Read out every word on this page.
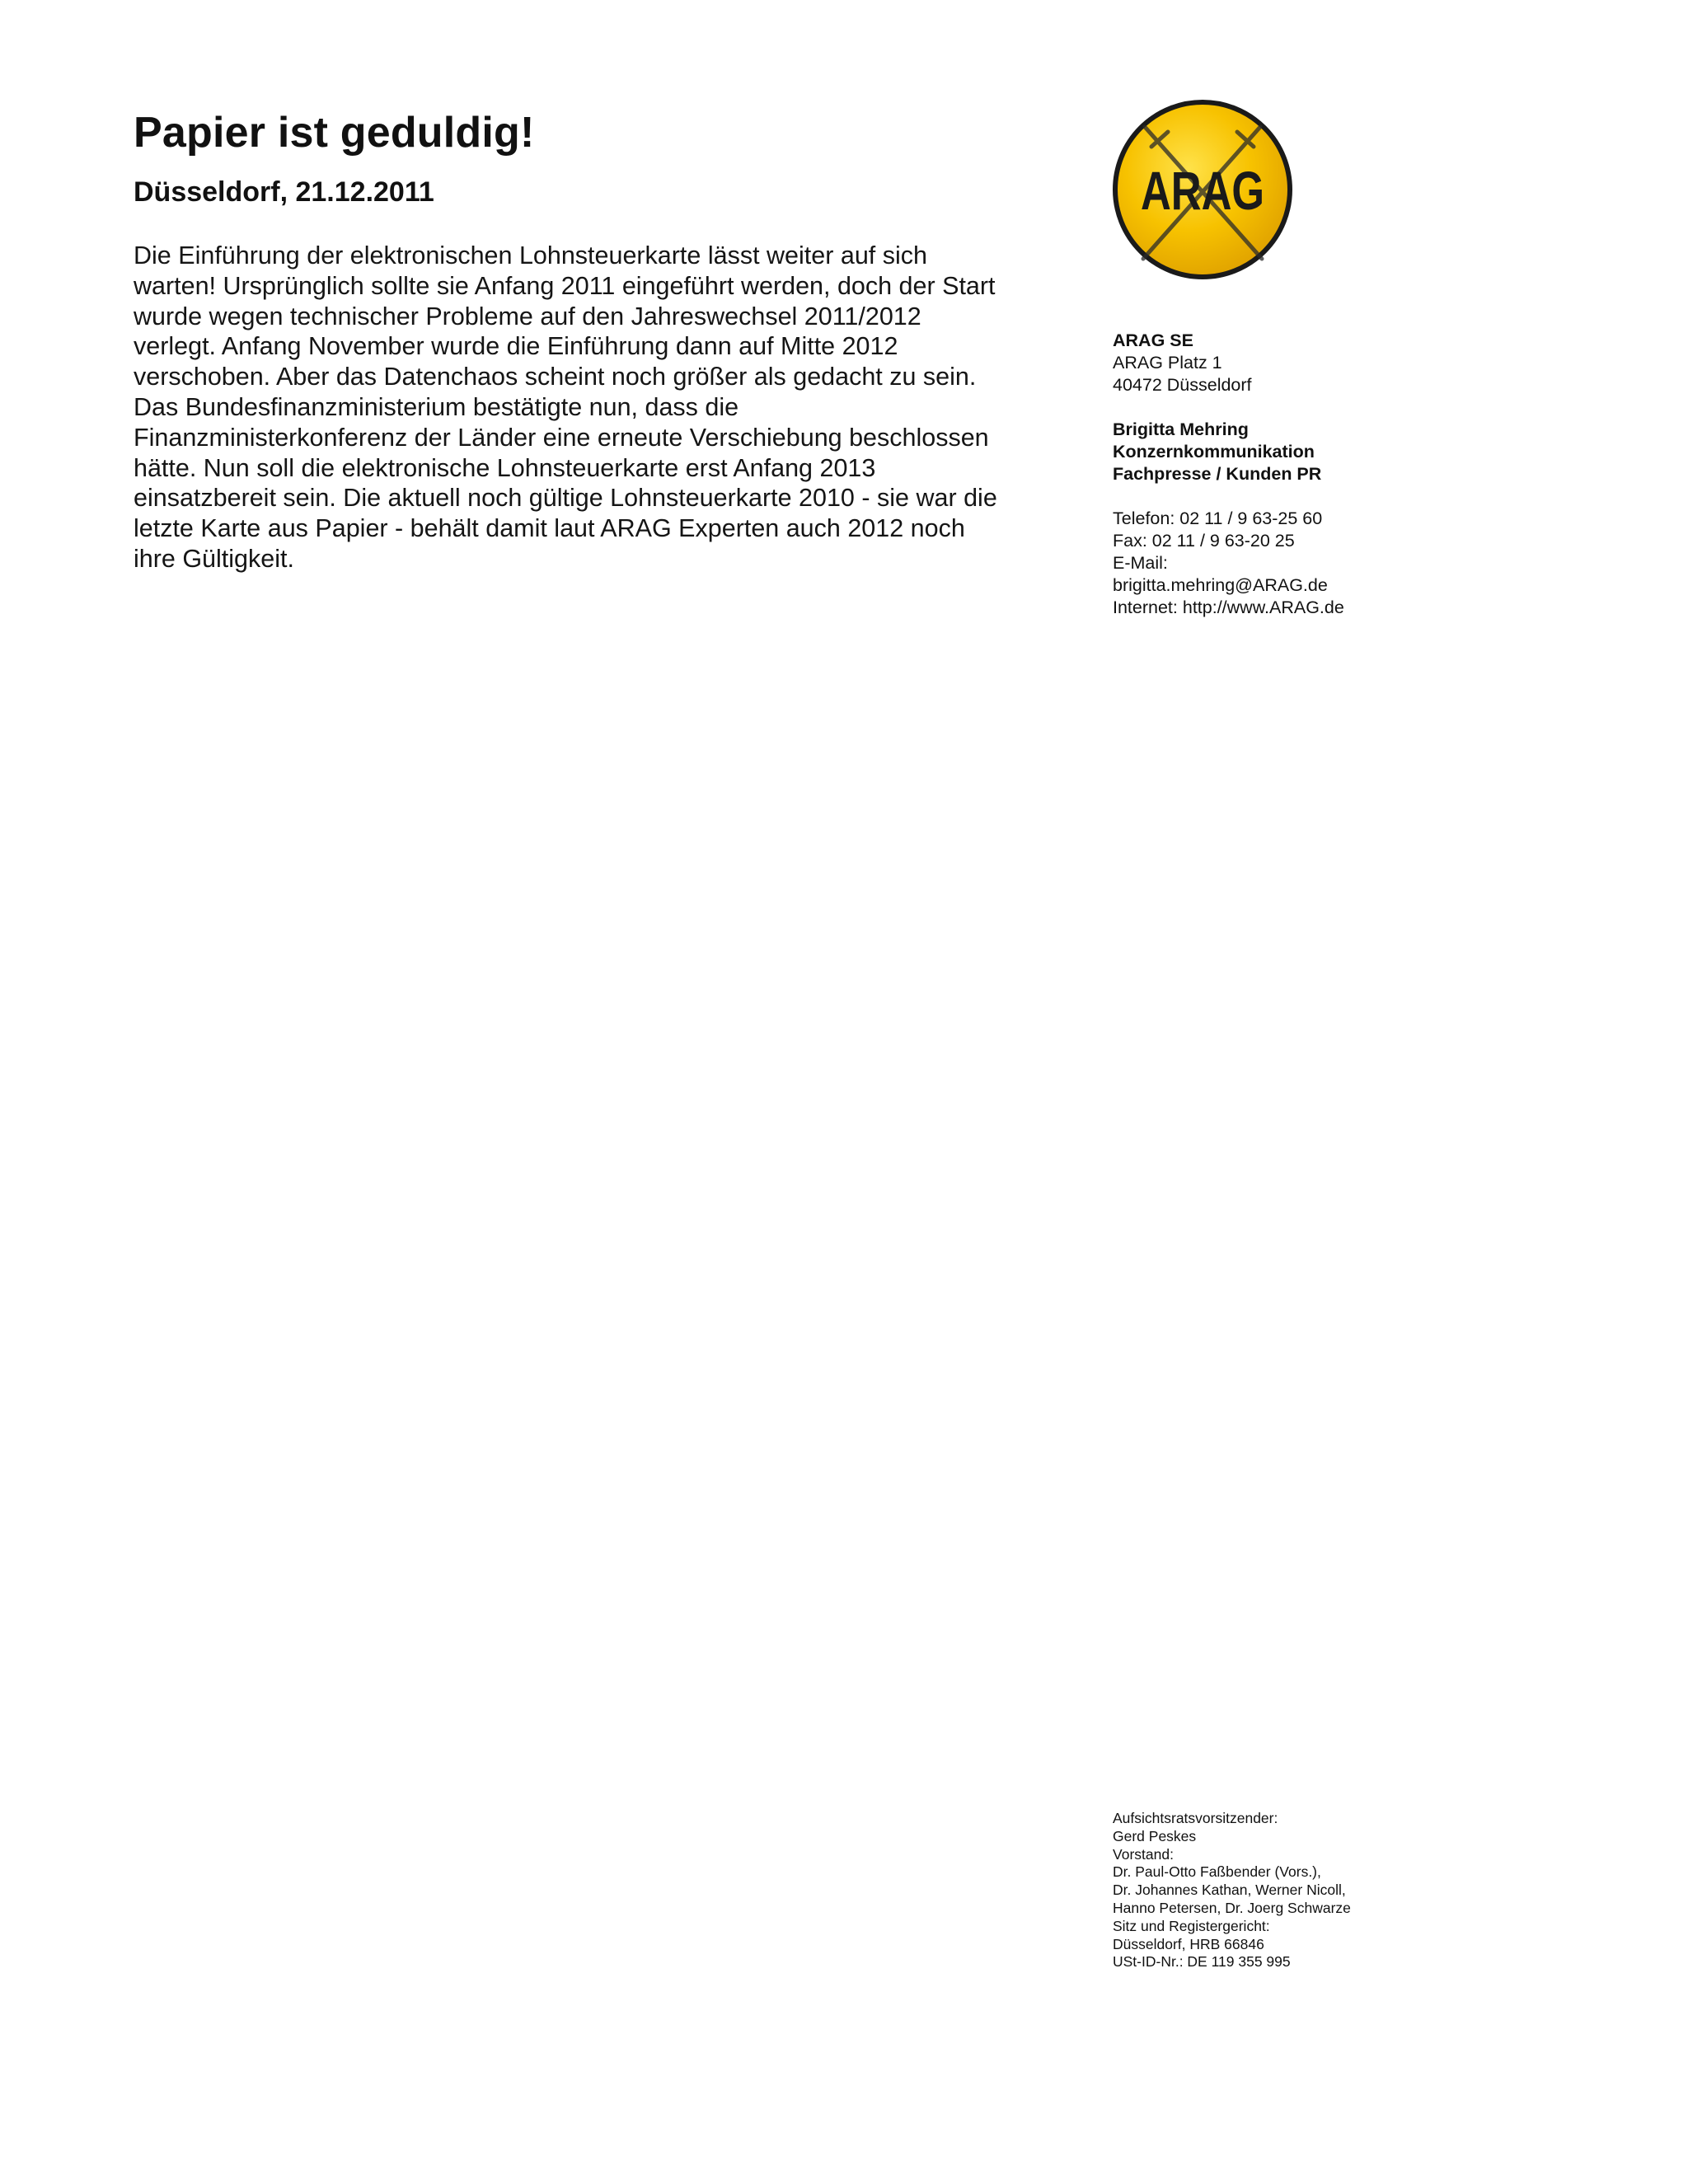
Papier ist geduldig!
Düsseldorf, 21.12.2011
Die Einführung der elektronischen Lohnsteuerkarte lässt weiter auf sich
warten! Ursprünglich sollte sie Anfang 2011 eingeführt werden, doch der Start
wurde wegen technischer Probleme auf den Jahreswechsel 2011/2012
verlegt. Anfang November wurde die Einführung dann auf Mitte 2012
verschoben. Aber das Datenchaos scheint noch größer als gedacht zu sein.
Das Bundesfinanzministerium bestätigte nun, dass die
Finanzministerkonferenz der Länder eine erneute Verschiebung beschlossen
hätte. Nun soll die elektronische Lohnsteuerkarte erst Anfang 2013
einsatzbereit sein. Die aktuell noch gültige Lohnsteuerkarte 2010 - sie war die
letzte Karte aus Papier - behält damit laut ARAG Experten auch 2012 noch
ihre Gültigkeit.
ARAG
ARAG SE
ARAG Platz 1
40472 Düsseldorf
Brigitta Mehring
Konzernkommunikation
Fachpresse / Kunden PR
Telefon: 02 11 / 9 63-25 60
Fax: 02 11 / 9 63-20 25
E-Mail:
brigitta.mehring@ARAG.de
Internet: http://www.ARAG.de
Aufsichtsratsvorsitzender:
Gerd Peskes
Vorstand:
Dr. Paul-Otto Faßbender (Vors.),
Dr. Johannes Kathan, Werner Nicoll,
Hanno Petersen, Dr. Joerg Schwarze
Sitz und Registergericht:
Düsseldorf, HRB 66846
USt-ID-Nr.: DE 119 355 995
